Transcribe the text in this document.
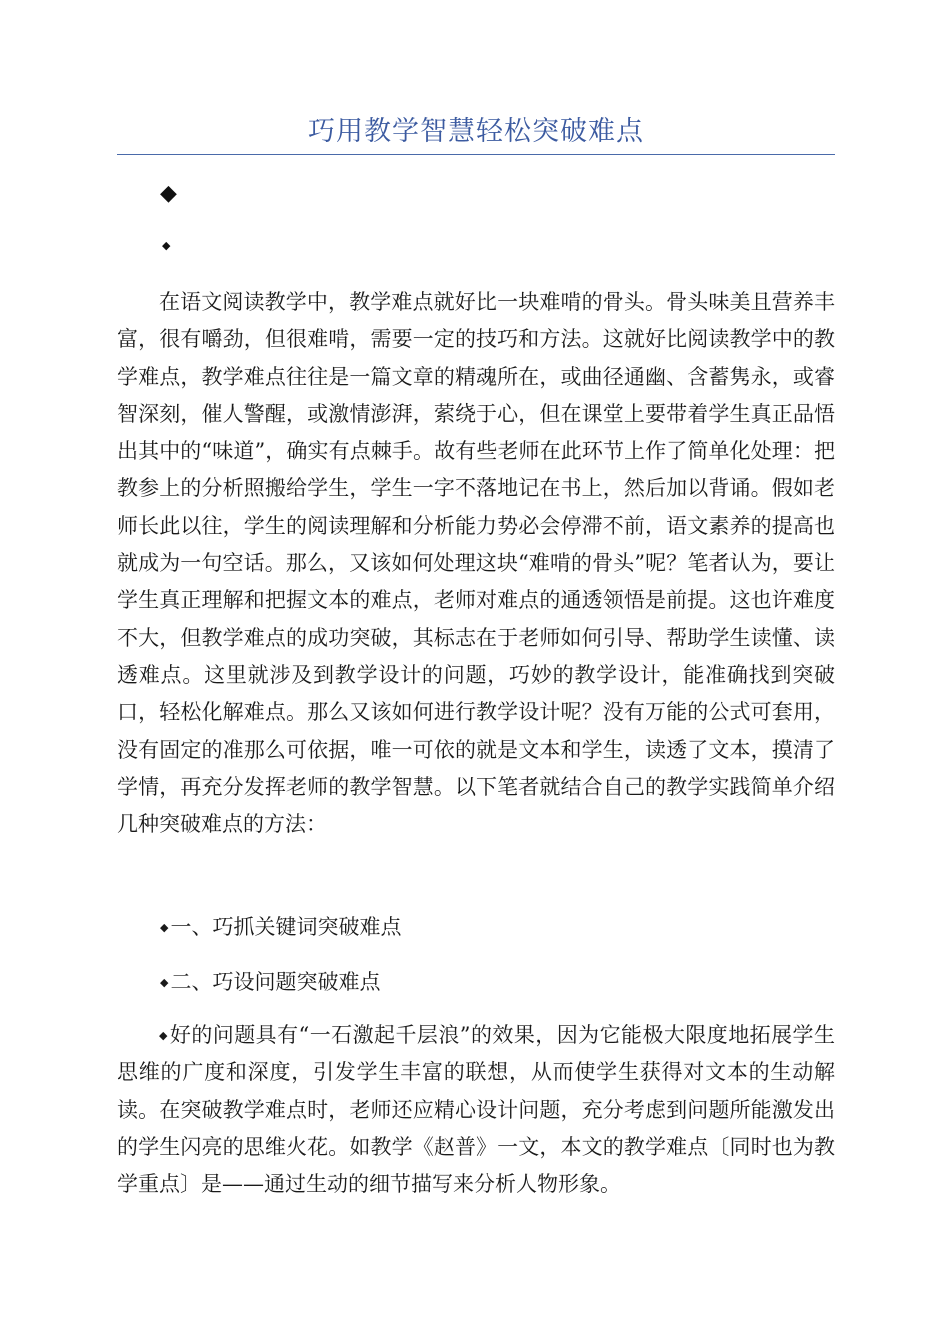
巧用教学智慧轻松突破难点
◆
◆

在语文阅读教学中，教学难点就好比一块难啃的骨头。骨头味美且营养丰富，很有嚼劲，但很难啃，需要一定的技巧和方法。这就好比阅读教学中的教学难点，教学难点往往是一篇文章的精魂所在，或曲径通幽、含蓄隽永，或睿智深刻，催人警醒，或激情澎湃，萦绕于心，但在课堂上要带着学生真正品悟出其中的“味道”，确实有点棘手。故有些老师在此环节上作了简单化处理：把教参上的分析照搬给学生，学生一字不落地记在书上，然后加以背诵。假如老师长此以往，学生的阅读理解和分析能力势必会停滞不前，语文素养的提高也就成为一句空话。那么，又该如何处理这块“难啃的骨头”呢？笔者认为，要让学生真正理解和把握文本的难点，老师对难点的通透领悟是前提。这也许难度不大，但教学难点的成功突破，其标志在于老师如何引导、帮助学生读懂、读透难点。这里就涉及到教学设计的问题，巧妙的教学设计，能准确找到突破口，轻松化解难点。那么又该如何进行教学设计呢？没有万能的公式可套用，没有固定的准那么可依据，唯一可依的就是文本和学生，读透了文本，摸清了学情，再充分发挥老师的教学智慧。以下笔者就结合自己的教学实践简单介绍几种突破难点的方法：

◆一、巧抓关键词突破难点

◆二、巧设问题突破难点

◆好的问题具有“一石激起千层浪”的效果，因为它能极大限度地拓展学生思维的广度和深度，引发学生丰富的联想，从而使学生获得对文本的生动解读。在突破教学难点时，老师还应精心设计问题，充分考虑到问题所能激发出的学生闪亮的思维火花。如教学《赵普》一文，本文的教学难点〔同时也为教学重点〕是——通过生动的细节描写来分析人物形象。
